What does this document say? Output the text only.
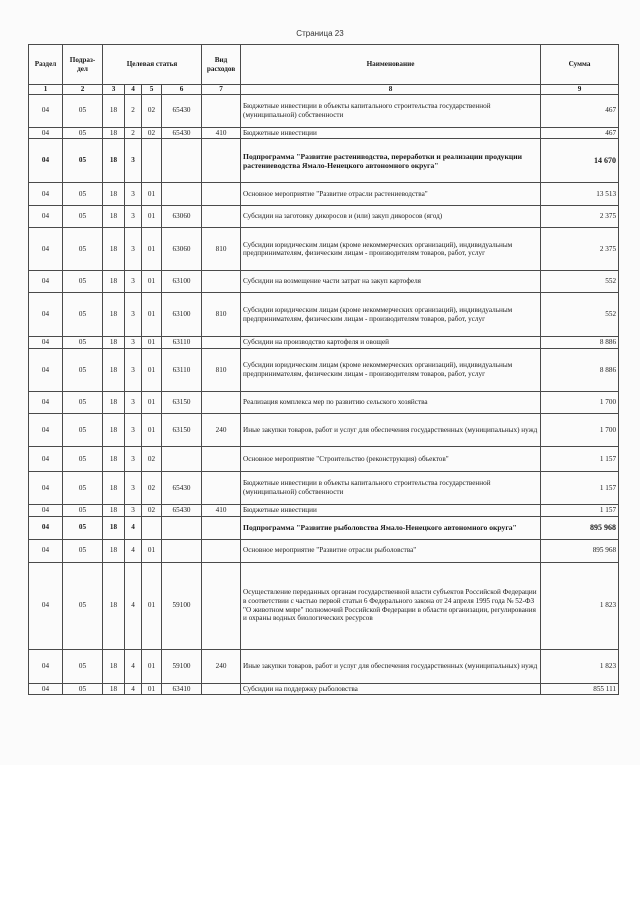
Страница 23
Раздел	Подраз-дел	Целевая статья				Вид расходов	Наименование	Сумма
1	2	3	4	5	6	7	8	9
04	05	18	2	02	65430		Бюджетные инвестиции в объекты капитального строительства государственной (муниципальной) собственности	467
04	05	18	2	02	65430	410	Бюджетные инвестиции	467
04	05	18	3				Подпрограмма "Развитие растениводства, переработки и реализации продукции растениеводства Ямало-Ненецкого автономного округа"	14 670
04	05	18	3	01			Основное мероприятие "Развитие отрасли растениеводства"	13 513
04	05	18	3	01	63060		Субсидии на заготовку дикоросов и (или) закуп дикоросов (ягод)	2 375
04	05	18	3	01	63060	810	Субсидии юридическим лицам (кроме некоммерческих организаций), индивидуальным предпринимателям, физическим лицам - производителям товаров, работ, услуг	2 375
04	05	18	3	01	63100		Субсидии на возмещение части затрат на закуп картофеля	552
04	05	18	3	01	63100	810	Субсидии юридическим лицам (кроме некоммерческих организаций), индивидуальным предпринимателям, физическим лицам - производителям товаров, работ, услуг	552
04	05	18	3	01	63110		Субсидии на производство картофеля и овощей	8 886
04	05	18	3	01	63110	810	Субсидии юридическим лицам (кроме некоммерческих организаций), индивидуальным предпринимателям, физическим лицам - производителям товаров, работ, услуг	8 886
04	05	18	3	01	63150		Реализация комплекса мер по развитию сельского хозяйства	1 700
04	05	18	3	01	63150	240	Иные закупки товаров, работ и услуг для обеспечения государственных (муниципальных) нужд	1 700
04	05	18	3	02			Основное мероприятие "Строительство (реконструкция) объектов"	1 157
04	05	18	3	02	65430		Бюджетные инвестиции в объекты капитального строительства государственной (муниципальной) собственности	1 157
04	05	18	3	02	65430	410	Бюджетные инвестиции	1 157
04	05	18	4				Подпрограмма "Развитие рыболовства Ямало-Ненецкого автономного округа"	895 968
04	05	18	4	01			Основное мероприятие "Развитие отрасли рыболовства"	895 968
04	05	18	4	01	59100		Осуществление переданных органам государственной власти субъектов Российской Федерации в соответствии с частью первой статьи 6 Федерального закона от 24 апреля 1995 года № 52-ФЗ "О животном мире" полномочий Российской Федерации в области организации, регулирования и охраны водных биологических ресурсов	1 823
04	05	18	4	01	59100	240	Иные закупки товаров, работ и услуг для обеспечения государственных (муниципальных) нужд	1 823
04	05	18	4	01	63410		Субсидии на поддержку рыболовства	855 111
